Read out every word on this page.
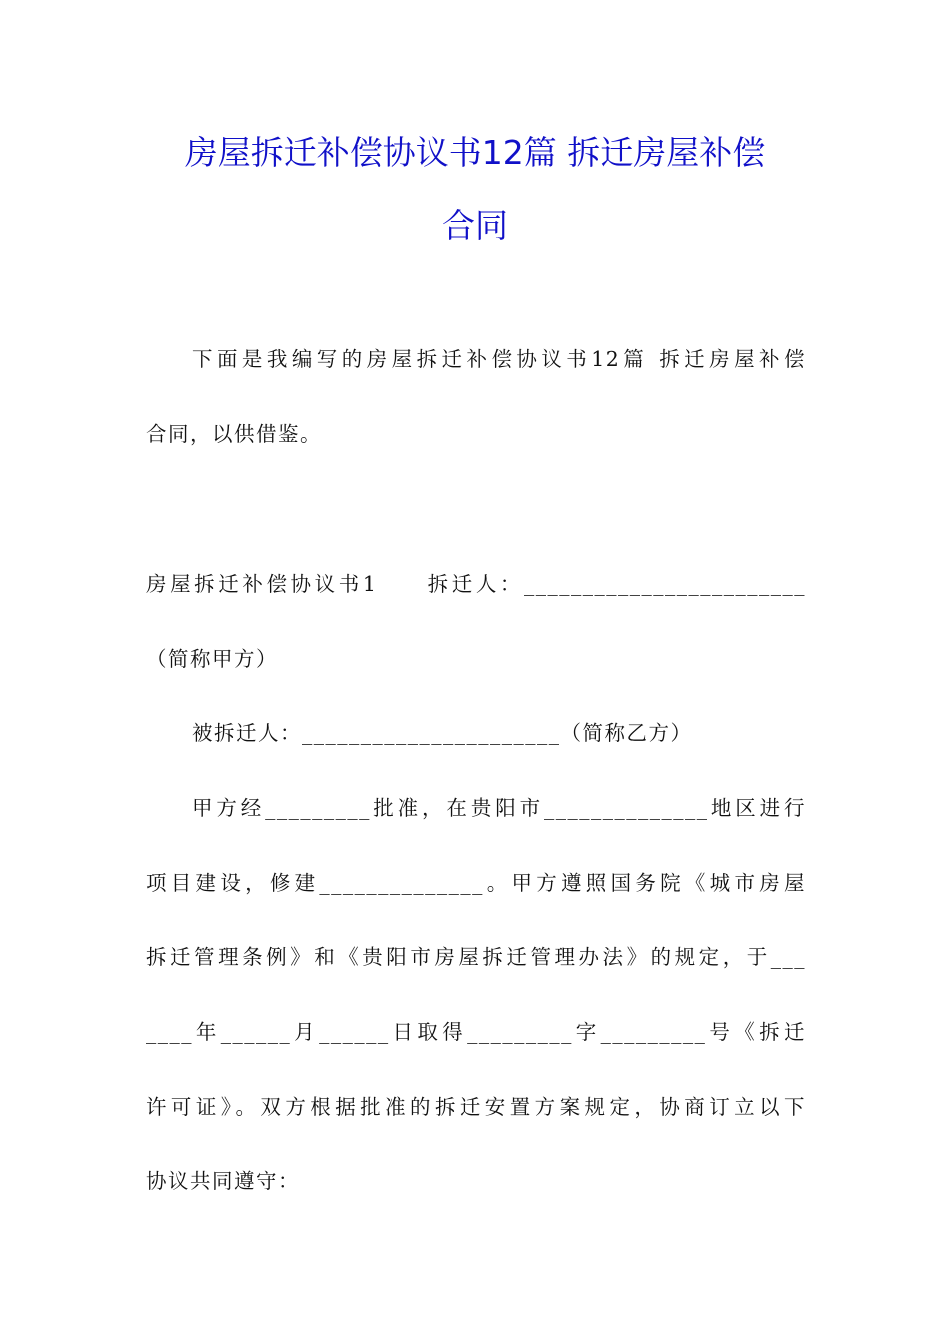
房屋拆迁补偿协议书12篇 拆迁房屋补偿
合同
下面是我编写的房屋拆迁补偿协议书12篇 拆迁房屋补偿
合同，以供借鉴。
房屋拆迁补偿协议书1　　拆迁人：________________________
（简称甲方）
被拆迁人：______________________（简称乙方）
甲方经_________批准，在贵阳市______________地区进行
项目建设，修建______________。甲方遵照国务院《城市房屋
拆迁管理条例》和《贵阳市房屋拆迁管理办法》的规定，于___
____年______月______日取得_________字_________号《拆迁
许可证》。双方根据批准的拆迁安置方案规定，协商订立以下
协议共同遵守：
